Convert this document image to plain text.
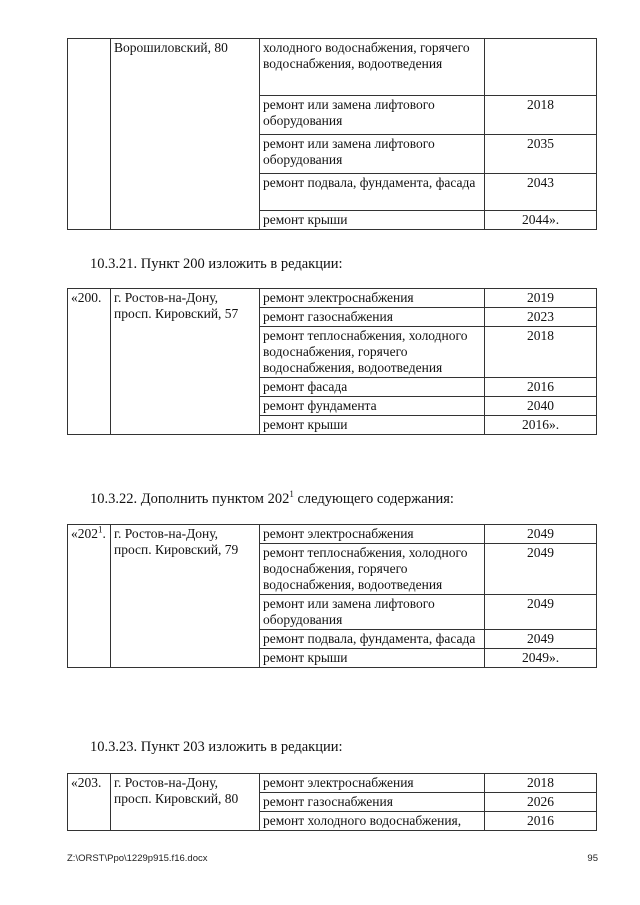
	Ворошиловский, 80	холодного водоснабжения, горячего водоснабжения, водоотведения	
		ремонт или замена лифтового оборудования	2018
		ремонт или замена лифтового оборудования	2035
		ремонт подвала, фундамента, фасада	2043
		ремонт крыши	2044».
10.3.21. Пункт 200 изложить в редакции:
«200.	г. Ростов-на-Дону, просп. Кировский, 57	ремонт электроснабжения	2019
		ремонт газоснабжения	2023
		ремонт теплоснабжения, холодного водоснабжения, горячего водоснабжения, водоотведения	2018
		ремонт фасада	2016
		ремонт фундамента	2040
		ремонт крыши	2016».
10.3.22. Дополнить пунктом $202^1$ следующего содержания:
«$202^1$.	г. Ростов-на-Дону, просп. Кировский, 79	ремонт электроснабжения	2049
		ремонт теплоснабжения, холодного водоснабжения, горячего водоснабжения, водоотведения	2049
		ремонт или замена лифтового оборудования	2049
		ремонт подвала, фундамента, фасада	2049
		ремонт крыши	2049».
10.3.23. Пункт 203 изложить в редакции:
«203.	г. Ростов-на-Дону, просп. Кировский, 80	ремонт электроснабжения	2018
		ремонт газоснабжения	2026
		ремонт холодного водоснабжения,	2016
Z:\ORST\Ppo\1229p915.f16.docx	95
